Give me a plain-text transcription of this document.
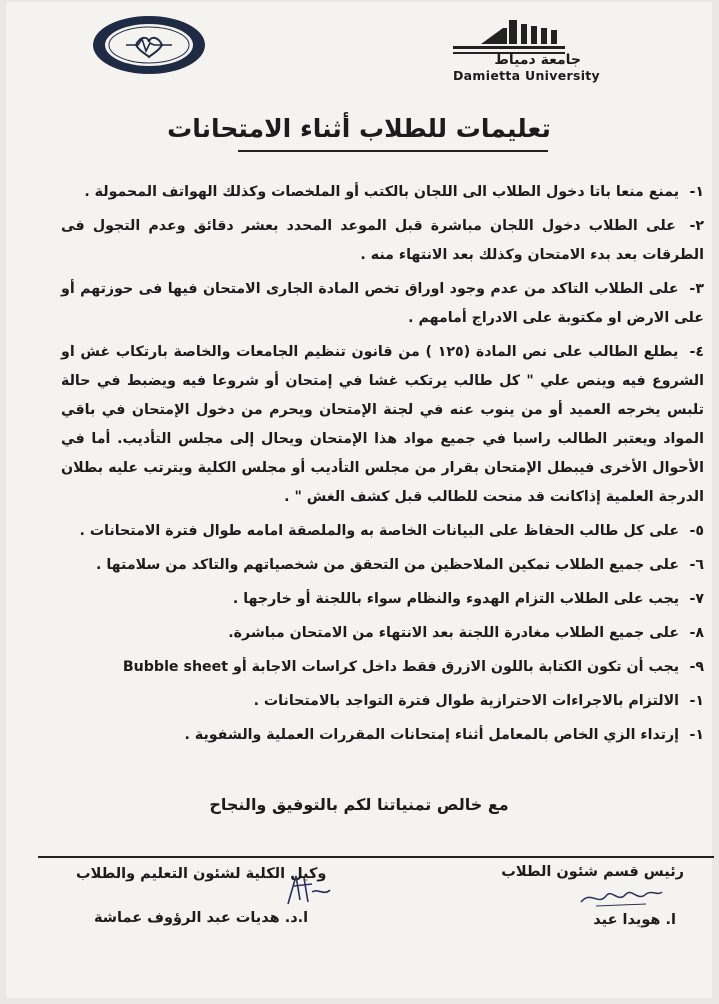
جامعة دمياط
Damietta University
تعليمات للطلاب أثناء الامتحانات
١- يمنع منعا باتا دخول الطلاب الى اللجان بالكتب أو الملخصات وكذلك الهواتف المحمولة .
٢- على الطلاب دخول اللجان مباشرة قبل الموعد المحدد بعشر دقائق وعدم التجول فى الطرقات بعد بدء الامتحان وكذلك بعد الانتهاء منه .
٣- على الطلاب التاكد من عدم وجود اوراق تخص المادة الجارى الامتحان فيها فى حوزتهم أو على الارض او مكتوبة على الادراج أمامهم .
٤- يطلع الطالب على نص المادة (١٢٥ ) من قانون تنظيم الجامعات والخاصة بارتكاب غش او الشروع فيه وينص علي " كل طالب يرتكب غشا في إمتحان أو شروعا فيه ويضبط في حالة تلبس يخرجه العميد أو من ينوب عنه في لجنة الإمتحان ويحرم من دخول الإمتحان في باقي المواد ويعتبر الطالب راسبا في جميع مواد هذا الإمتحان ويحال إلى مجلس التأديب. أما في الأحوال الأخرى فيبطل الإمتحان بقرار من مجلس التأديب أو مجلس الكلية ويترتب عليه بطلان الدرجة العلمية إذاكانت قد منحت للطالب قبل كشف الغش " .
٥- على كل طالب الحفاظ على البيانات الخاصة به والملصقة امامه طوال فترة الامتحانات .
٦- على جميع الطلاب تمكين الملاحظين من التحقق من شخصياتهم والتاكد من سلامتها .
٧- يجب على الطلاب التزام الهدوء والنظام سواء باللجنة أو خارجها .
٨- على جميع الطلاب مغادرة اللجنة بعد الانتهاء من الامتحان مباشرة.
٩- يجب أن تكون الكتابة باللون الازرق فقط داخل كراسات الاجابة أو Bubble sheet
١- الالتزام بالاجراءات الاحترازية طوال فترة التواجد بالامتحانات .
١- إرتداء الزي الخاص بالمعامل أثناء إمتحانات المقررات العملية والشفوية .
مع خالص تمنياتنا لكم بالتوفيق والنجاح
رئيس قسم شئون الطلاب
وكيل الكلية لشئون التعليم والطلاب
ا. هويدا عيد
ا.د. هديات عبد الرؤوف عماشة
